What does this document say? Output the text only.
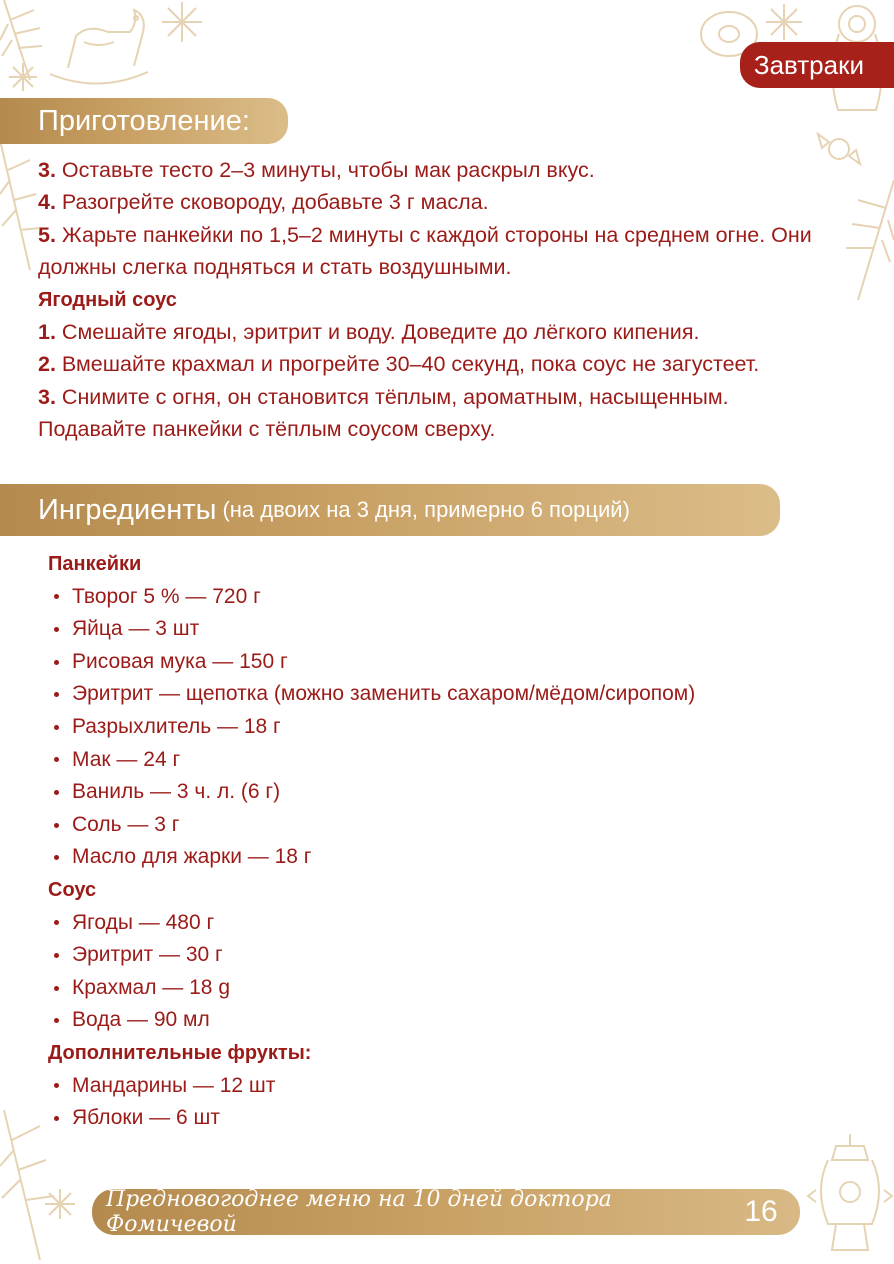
Завтраки
Приготовление:

3. Оставьте тесто 2–3 минуты, чтобы мак раскрыл вкус.

4. Разогрейте сковороду, добавьте 3 г масла.

5. Жарьте панкейки по 1,5–2 минуты с каждой стороны на среднем огне. Они должны слегка подняться и стать воздушными.

Ягодный соус

1. Смешайте ягоды, эритрит и воду. Доведите до лёгкого кипения.

2. Вмешайте крахмал и прогрейте 30–40 секунд, пока соус не загустеет.

3. Снимите с огня, он становится тёплым, ароматным, насыщенным. Подавайте панкейки с тёплым соусом сверху.

Ингредиенты (на двоих на 3 дня, примерно 6 порций)
Панкейки
Творог 5 % — 720 г
Яйца — 3 шт
Рисовая мука — 150 г
Эритрит — щепотка (можно заменить сахаром/мёдом/сиропом)
Разрыхлитель — 18 г
Мак — 24 г
Ваниль — 3 ч. л. (6 г)
Соль — 3 г
Масло для жарки — 18 г
Соус
Ягоды — 480 г
Эритрит — 30 г
Крахмал — 18 g
Вода — 90 мл
Дополнительные фрукты:
Мандарины — 12 шт
Яблоки — 6 шт
Предновогоднее меню на 10 дней доктора Фомичевой	16
